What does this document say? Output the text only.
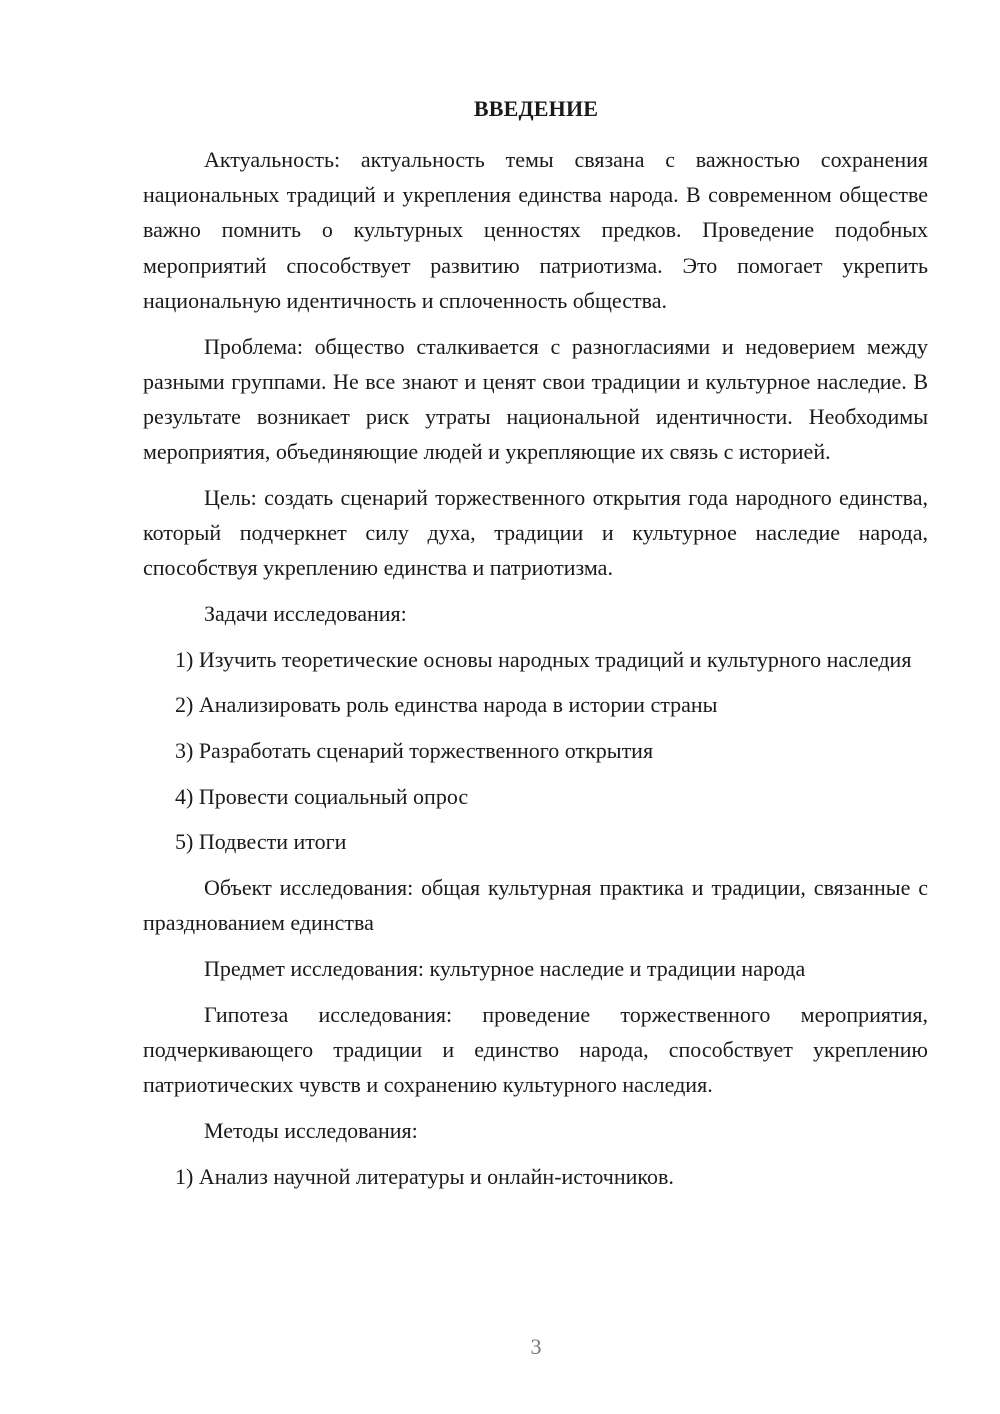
ВВЕДЕНИЕ

Актуальность: актуальность темы связана с важностью сохранения национальных традиций и укрепления единства народа. В современном обществе важно помнить о культурных ценностях предков. Проведение подобных мероприятий способствует развитию патриотизма. Это помогает укрепить национальную идентичность и сплоченность общества.

Проблема: общество сталкивается с разногласиями и недоверием между разными группами. Не все знают и ценят свои традиции и культурное наследие. В результате возникает риск утраты национальной идентичности. Необходимы мероприятия, объединяющие людей и укрепляющие их связь с историей.

Цель: создать сценарий торжественного открытия года народного единства, который подчеркнет силу духа, традиции и культурное наследие народа, способствуя укреплению единства и патриотизма.

Задачи исследования:

1) Изучить теоретические основы народных традиций и культурного наследия

2) Анализировать роль единства народа в истории страны

3) Разработать сценарий торжественного открытия

4) Провести социальный опрос

5) Подвести итоги

Объект исследования: общая культурная практика и традиции, связанные с празднованием единства

Предмет исследования: культурное наследие и традиции народа

Гипотеза исследования: проведение торжественного мероприятия, подчеркивающего традиции и единство народа, способствует укреплению патриотических чувств и сохранению культурного наследия.

Методы исследования:

1) Анализ научной литературы и онлайн-источников.

3
